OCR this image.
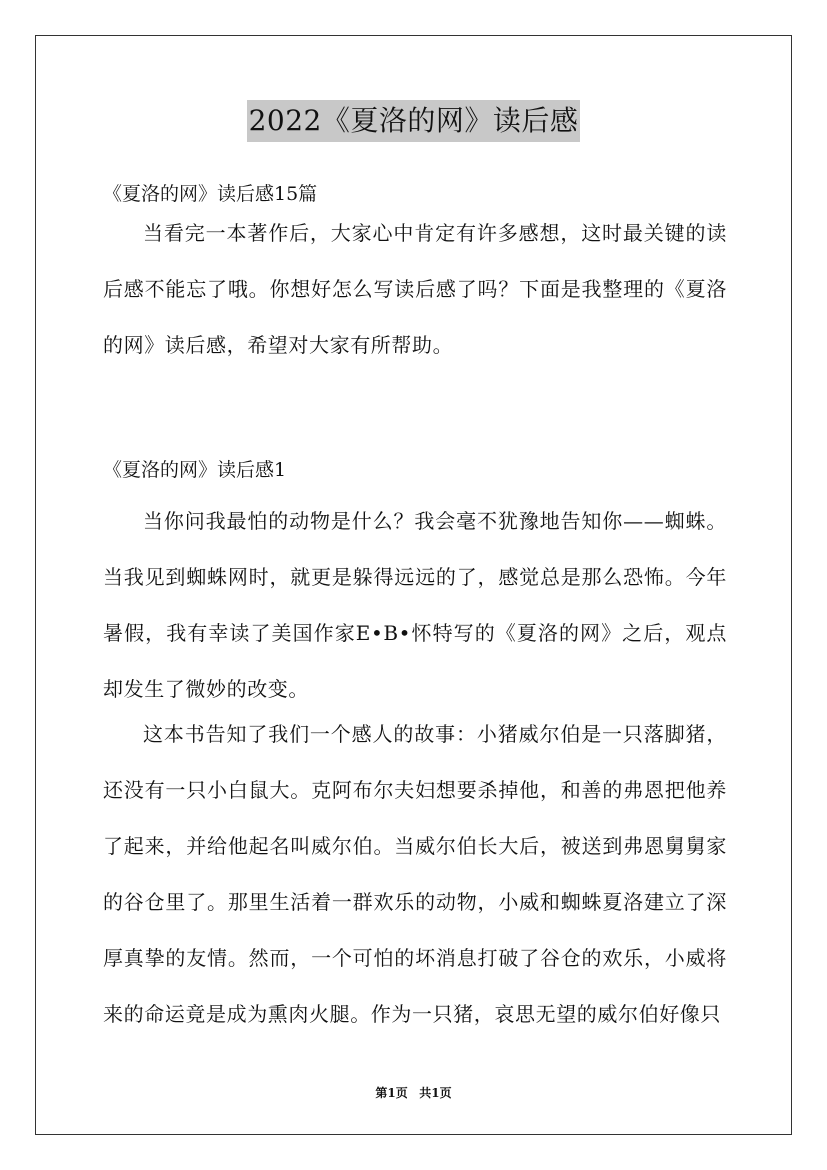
2022《夏洛的网》读后感
《夏洛的网》读后感15篇

当看完一本著作后，大家心中肯定有许多感想，这时最关键的读后感不能忘了哦。你想好怎么写读后感了吗？下面是我整理的《夏洛的网》读后感，希望对大家有所帮助。

《夏洛的网》读后感1

当你问我最怕的动物是什么？我会毫不犹豫地告知你——蜘蛛。当我见到蜘蛛网时，就更是躲得远远的了，感觉总是那么恐怖。今年暑假，我有幸读了美国作家E•B•怀特写的《夏洛的网》之后，观点却发生了微妙的改变。

这本书告知了我们一个感人的故事：小猪威尔伯是一只落脚猪，还没有一只小白鼠大。克阿布尔夫妇想要杀掉他，和善的弗恩把他养了起来，并给他起名叫威尔伯。当威尔伯长大后，被送到弗恩舅舅家的谷仓里了。那里生活着一群欢乐的动物，小威和蜘蛛夏洛建立了深厚真挚的友情。然而，一个可怕的坏消息打破了谷仓的欢乐，小威将来的命运竟是成为熏肉火腿。作为一只猪，哀思无望的威尔伯好像只

第1页 共1页
